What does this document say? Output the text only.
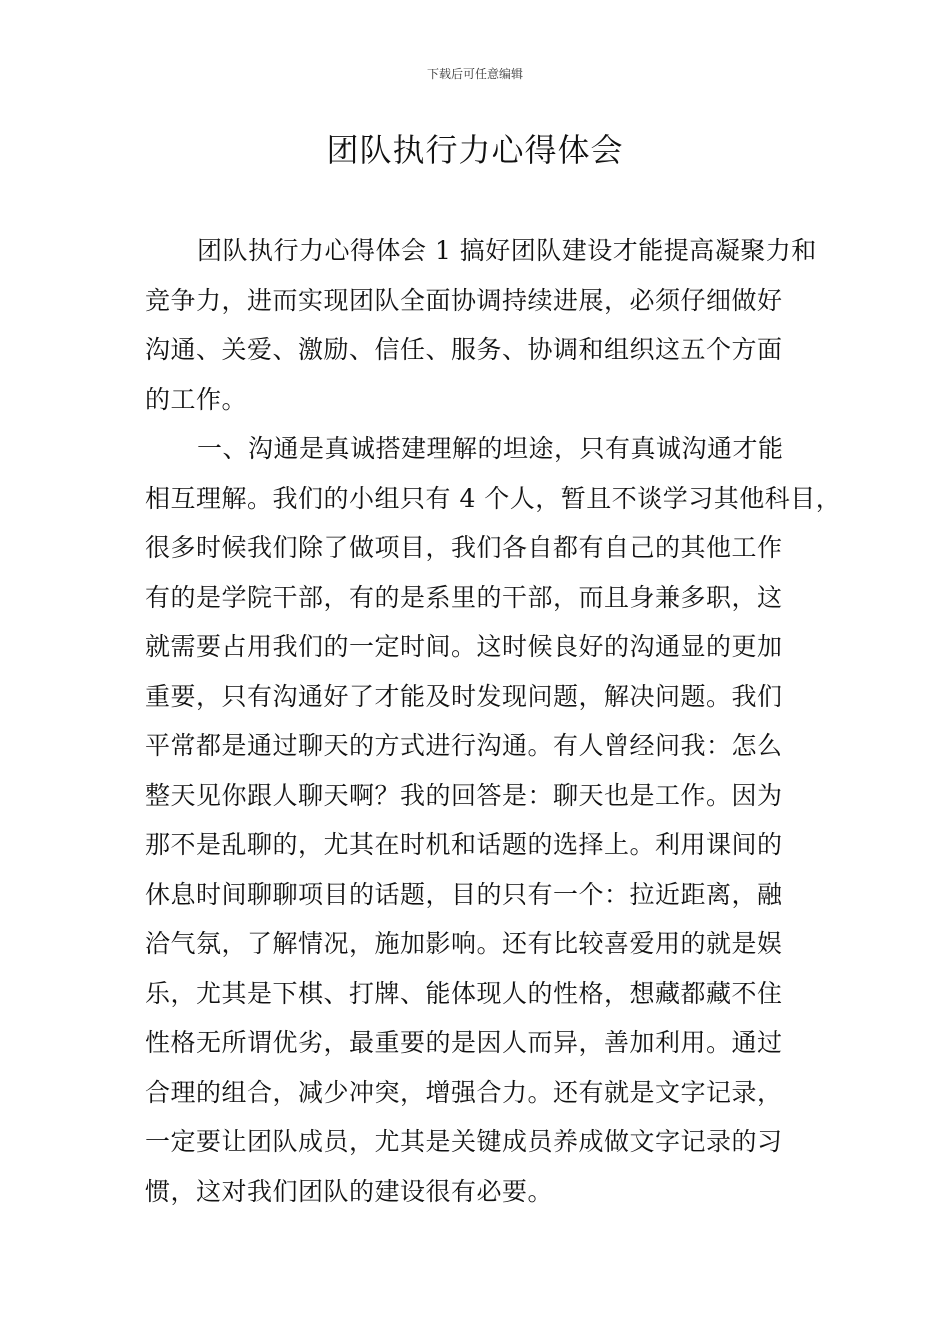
下载后可任意编辑
团队执行力心得体会
团队执行力心得体会 1 搞好团队建设才能提高凝聚力和
竞争力，进而实现团队全面协调持续进展，必须仔细做好
沟通、关爱、激励、信任、服务、协调和组织这五个方面
的工作。
一、沟通是真诚搭建理解的坦途，只有真诚沟通才能
相互理解。我们的小组只有 4 个人，暂且不谈学习其他科目，
很多时候我们除了做项目，我们各自都有自己的其他工作
有的是学院干部，有的是系里的干部，而且身兼多职，这
就需要占用我们的一定时间。这时候良好的沟通显的更加
重要，只有沟通好了才能及时发现问题，解决问题。我们
平常都是通过聊天的方式进行沟通。有人曾经问我：怎么
整天见你跟人聊天啊？我的回答是：聊天也是工作。因为
那不是乱聊的，尤其在时机和话题的选择上。利用课间的
休息时间聊聊项目的话题，目的只有一个：拉近距离，融
洽气氛，了解情况，施加影响。还有比较喜爱用的就是娱
乐，尤其是下棋、打牌、能体现人的性格，想藏都藏不住
性格无所谓优劣，最重要的是因人而异，善加利用。通过
合理的组合，减少冲突，增强合力。还有就是文字记录，
一定要让团队成员，尤其是关键成员养成做文字记录的习
惯，这对我们团队的建设很有必要。
